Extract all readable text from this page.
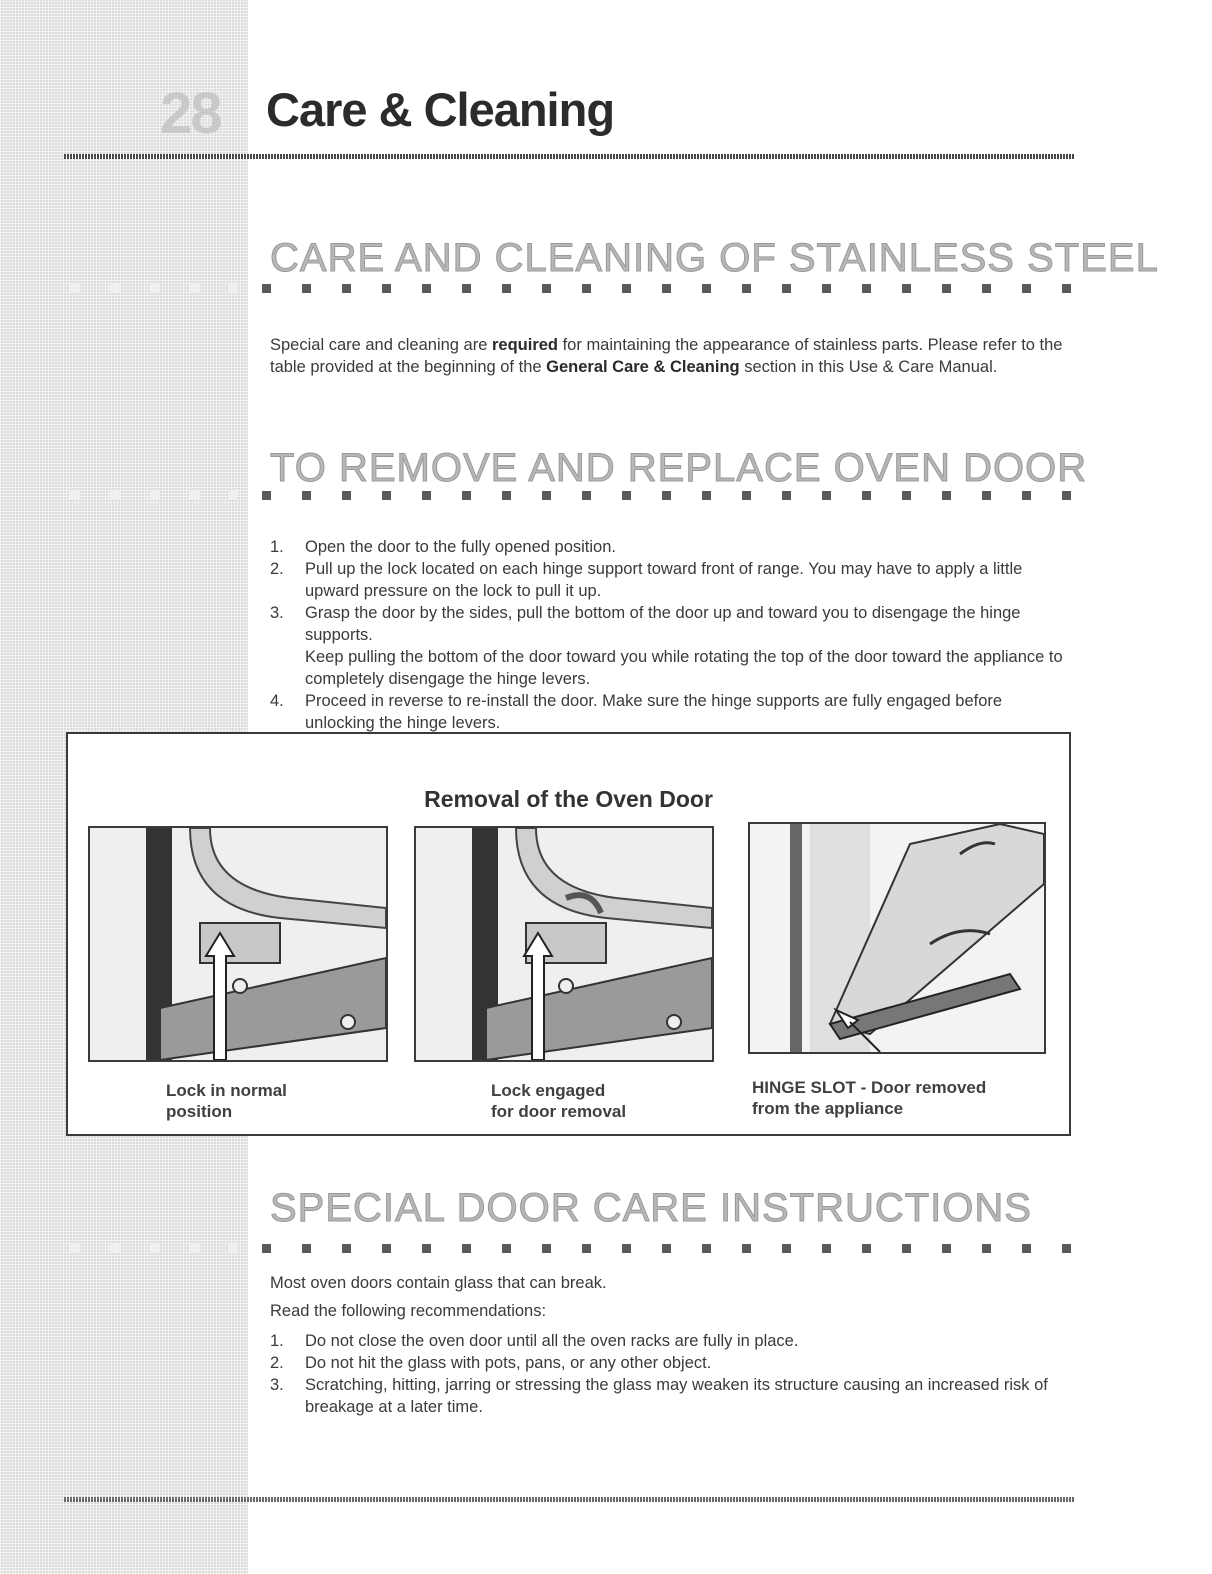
28 Care & Cleaning
CARE AND CLEANING OF STAINLESS STEEL
Special care and cleaning are required for maintaining the appearance of stainless parts. Please refer to the table provided at the beginning of the General Care & Cleaning section in this Use & Care Manual.
TO REMOVE AND REPLACE OVEN DOOR
1. Open the door to the fully opened position.
2. Pull up the lock located on each hinge support toward front of range. You may have to apply a little upward pressure on the lock to pull it up.
3. Grasp the door by the sides, pull the bottom of the door up and toward you to disengage the hinge supports.
Keep pulling the bottom of the door toward you while rotating the top of the door toward the appliance to completely disengage the hinge levers.
4. Proceed in reverse to re-install the door. Make sure the hinge supports are fully engaged before unlocking the hinge levers.
Removal of the Oven Door
Lock in normal
position
Lock engaged
for door removal
HINGE SLOT - Door removed
from the appliance
SPECIAL DOOR CARE INSTRUCTIONS
Most oven doors contain glass that can break.
Read the following recommendations:
1. Do not close the oven door until all the oven racks are fully in place.
2. Do not hit the glass with pots, pans, or any other object.
3. Scratching, hitting, jarring or stressing the glass may weaken its structure causing an increased risk of breakage at a later time.
